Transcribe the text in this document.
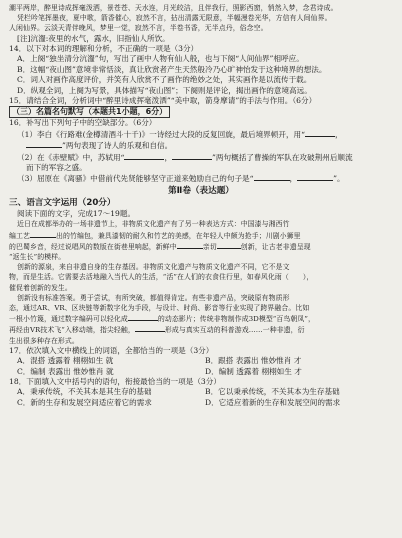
潮平两岸，醉里诗成挥毫泼洒，景苍苍、天水连，月光皎洁，且伴我行，照影西窗，悄然入梦，念君诗成。
凭栏吟笔挥墨夜，夏中歌，箭香催心，寂然不言，拈出清露无限意，半幅漫卷光华，方信有人间仙界。
人闲仙界。云淡天青伴晚风，梦里一觉，寂然不言，半卷书香，无半点丹，俗念空。
[注]沆瀣:夜里的水气，露水，旧指仙人所饮。
14．以下对本词的理解和分析，不正确的一项是（3分）
A．上阕“独坐清分沆瀣”句，写出了画中人物有仙人般，也与下阕“人间仙界”相呼应。
B．这幅“夜山图”意境非常恬淡，真让欣赏者产生天然般冷乃心旷神怡发于这种境界的想法。
C．词人对画作高度评价，并笑有人欣赏不了画作的绝妙之处，其实画作是以流传于载。
D．纵观全词，上阕为写景，具体描写“夜山图”；下阕则是评论，揭出画作的意境高远。
15．请结合全词，分析词中“醉里诗成挥毫泼洒”“美中取，箭身摩请”的手法与作用。（6分）
（三）名篇名句默写（本题共1小题，6分）
16．补写出下列句子中的空缺部分。（6分）
（1）李白《行路难(金樽清酒斗十千)》一诗经过大段的反复回旋，最后境界顿开，用“	，
”两句表现了诗人的乐观和自信。
（2）在《赤壁赋》中，苏轼用“	，	”两句概括了曹操的军队在攻破荆州后顺流
而下的军容之盛。
（3）屈原在《离骚》中借前代先贤能够坚守正道来勉励自己的句子是“	，	”。
第Ⅱ卷（表达题）
三、语言文字运用（20分）
阅读下面的文字，完成17～19题。
近日在成都举办的一场非遗节上，非物质文化遗产有了另一种表达方式：中国漆与湘西竹
编工艺	出的竹编包，兼具漆韧的耐久和竹艺的美感，在年轻人中颇为抢手；川剧小狮里
的巴蜀乡音，经过说唱风的数版在街巷里响起，新鲜中	亲切	创新，让古老非遗呈现
“返生长”的模样。
创新的源泉，来自非遗自身的生存基因。非物质文化遗产与物质文化遗产不同，它不是文
物，而是生活。它需要去活地融入当代人的生活，“活”在人们的衣食住行里，如春风化雨（ ），
催促着创新的发生。
创新没有标准答案。勇于尝试，有所突破，都值得肯定。有些非遗产品，突破原有物质形
态，通过AR、VR、区块链等新数字化为手段，与设计、时尚、影音等行业实现了跨界融合。比如
一根小竹篾，通过数字编码可以轻化成	的动态影片；传统非物制作成3D模型“百鸟朝凤”，
再经由VR技术飞“入移动端，指尖轻触，	形成与真实互动的科普游戏……一种非遗，衍
生出很多种存在形式。
17．依次填入文中横线上的词语，全都恰当的一项是（3分）
A．混搭 透露着 栩栩如生 就	B．跟搭 表露出 惟妙惟肖 才
C．编制 表露出 惟妙惟肖 就	D．编制 透露着 栩栩如生 才
18．下面填入文中括号内的语句，衔接最恰当的一项是（3分）
A．秉承传统，不关其本是其生存的基础	B．它以秉承传统，不关其本为生存基础
C．新的生存和发展空间适应着它的需求	D．它适应着新的生存和发展空间的需求
